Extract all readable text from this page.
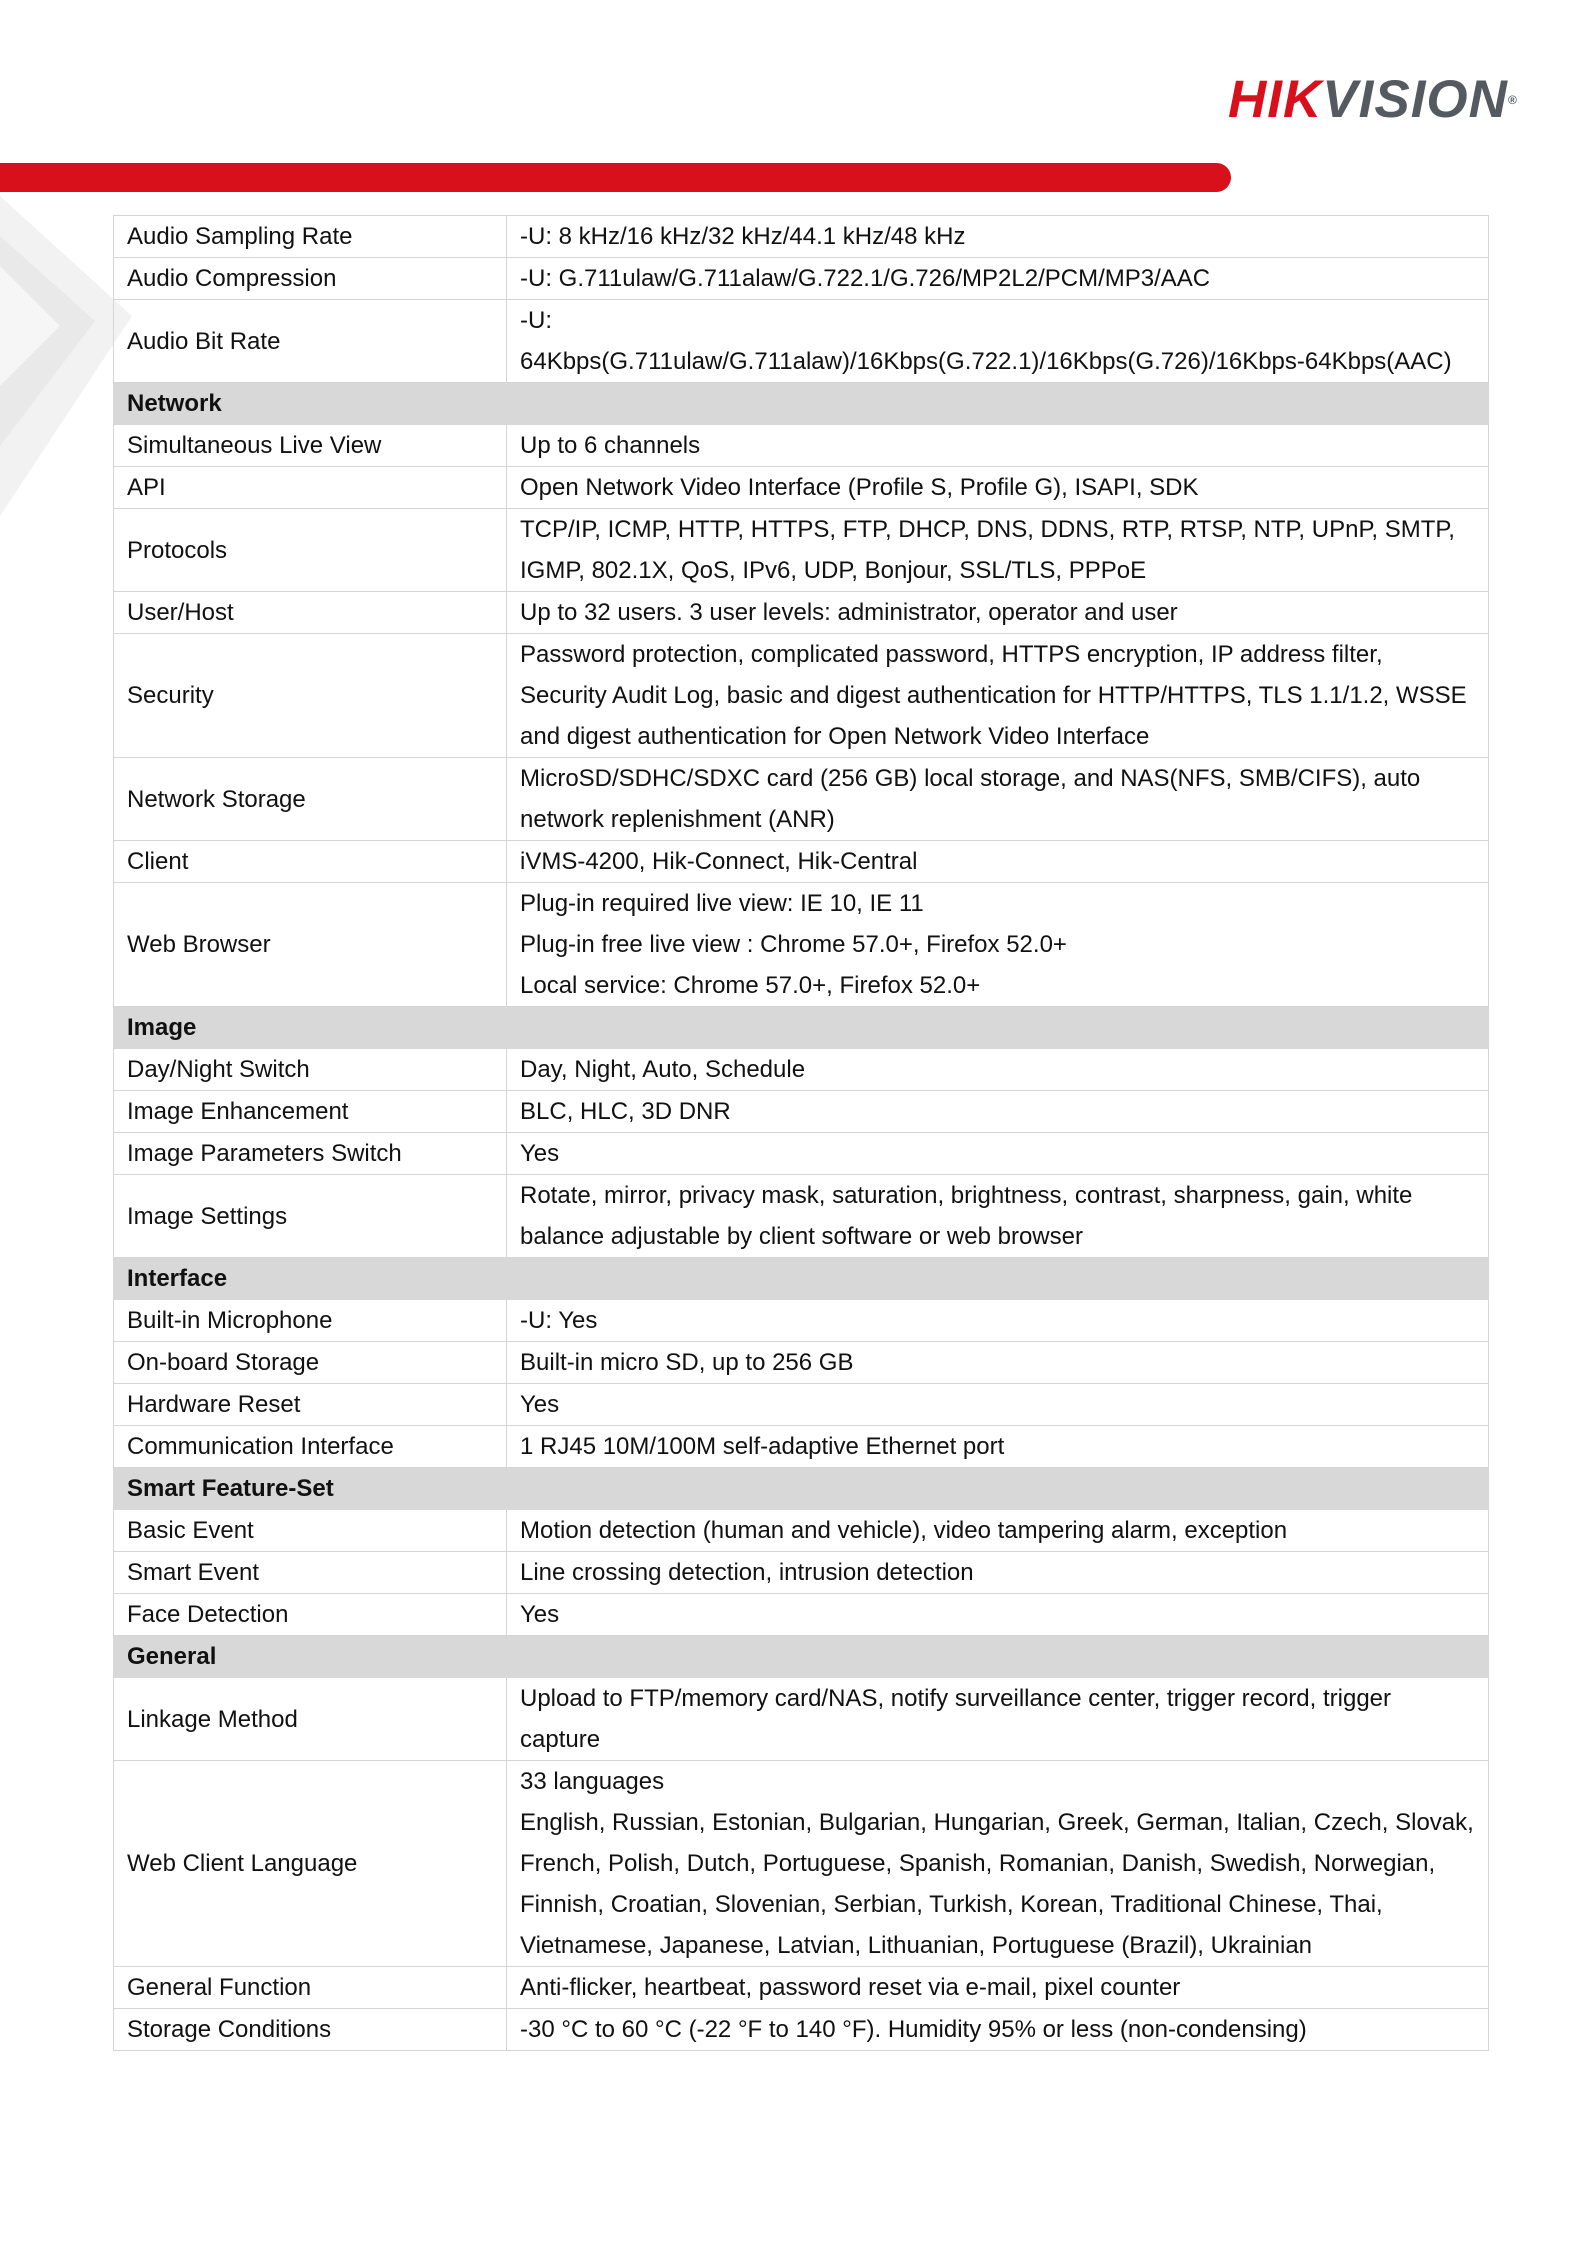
HIKVISION®
Audio Sampling Rate	-U: 8 kHz/16 kHz/32 kHz/44.1 kHz/48 kHz

Audio Compression	-U: G.711ulaw/G.711alaw/G.722.1/G.726/MP2L2/PCM/MP3/AAC

Audio Bit Rate	-U:
64Kbps(G.711ulaw/G.711alaw)/16Kbps(G.722.1)/16Kbps(G.726)/16Kbps-64Kbps(AAC)

Network	
Simultaneous Live View	Up to 6 channels

API	Open Network Video Interface (Profile S, Profile G), ISAPI, SDK

Protocols	TCP/IP, ICMP, HTTP, HTTPS, FTP, DHCP, DNS, DDNS, RTP, RTSP, NTP, UPnP, SMTP,
IGMP, 802.1X, QoS, IPv6, UDP, Bonjour, SSL/TLS, PPPoE

User/Host	Up to 32 users. 3 user levels: administrator, operator and user

Security	Password protection, complicated password, HTTPS encryption, IP address filter,
Security Audit Log, basic and digest authentication for HTTP/HTTPS, TLS 1.1/1.2, WSSE
and digest authentication for Open Network Video Interface

Network Storage	MicroSD/SDHC/SDXC card (256 GB) local storage, and NAS(NFS, SMB/CIFS), auto
network replenishment (ANR)

Client	iVMS-4200, Hik-Connect, Hik-Central

Web Browser	Plug-in required live view: IE 10, IE 11
Plug-in free live view : Chrome 57.0+, Firefox 52.0+
Local service: Chrome 57.0+, Firefox 52.0+

Image	
Day/Night Switch	Day, Night, Auto, Schedule

Image Enhancement	BLC, HLC, 3D DNR

Image Parameters Switch	Yes

Image Settings	Rotate, mirror, privacy mask, saturation, brightness, contrast, sharpness, gain, white
balance adjustable by client software or web browser

Interface	
Built-in Microphone	-U: Yes

On-board Storage	Built-in micro SD, up to 256 GB

Hardware Reset	Yes

Communication Interface	1 RJ45 10M/100M self-adaptive Ethernet port

Smart Feature-Set	
Basic Event	Motion detection (human and vehicle), video tampering alarm, exception

Smart Event	Line crossing detection, intrusion detection

Face Detection	Yes

General	
Linkage Method	Upload to FTP/memory card/NAS, notify surveillance center, trigger record, trigger
capture

Web Client Language	33 languages
English, Russian, Estonian, Bulgarian, Hungarian, Greek, German, Italian, Czech, Slovak,
French, Polish, Dutch, Portuguese, Spanish, Romanian, Danish, Swedish, Norwegian,
Finnish, Croatian, Slovenian, Serbian, Turkish, Korean, Traditional Chinese, Thai,
Vietnamese, Japanese, Latvian, Lithuanian, Portuguese (Brazil), Ukrainian

General Function	Anti-flicker, heartbeat, password reset via e-mail, pixel counter

Storage Conditions	-30 °C to 60 °C (-22 °F to 140 °F). Humidity 95% or less (non-condensing)
